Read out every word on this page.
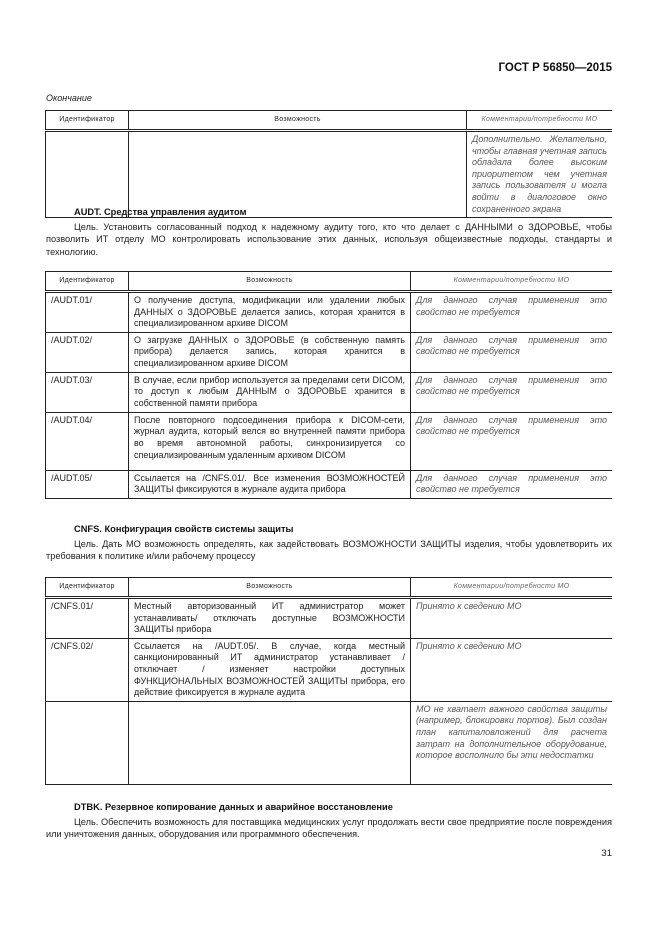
ГОСТ Р 56850—2015
Окончание
Идентификатор	Возможность	Комментарии/потребности МО
		Дополнительно. Желательно, чтобы главная учетная запись обладала более высоким приоритетом чем учетная запись пользователя и могла войти в диалоговое окно сохраненного экрана
AUDT. Средства управления аудитом
Цель. Установить согласованный подход к надежному аудиту того, кто что делает с ДАННЫМИ о ЗДОРОВЬЕ, чтобы позволить ИТ отделу МО контролировать использование этих данных, используя общеизвестные подходы, стандарты и технологию.
Идентификатор	Возможность	Комментарии/потребности МО
/AUDT.01/	О получение доступа, модификации или удалении любых ДАННЫХ о ЗДОРОВЬЕ делается запись, которая хранится в специализированном архиве DICOM	Для данного случая применения это свойство не требуется
/AUDT.02/	О загрузке ДАННЫХ о ЗДОРОВЬЕ (в собственную память прибора) делается запись, которая хранится в специализированном архиве DICOM	Для данного случая применения это свойство не требуется
/AUDT.03/	В случае, если прибор используется за пределами сети DICOM, то доступ к любым ДАННЫМ о ЗДОРОВЬЕ хранится в собственной памяти прибора	Для данного случая применения это свойство не требуется
/AUDT.04/	После повторного подсоединения прибора к DICOM-сети, журнал аудита, который велся во внутренней памяти прибора во время автономной работы, синхронизируется со специализированным удаленным архивом DICOM	Для данного случая применения это свойство не требуется
/AUDT.05/	Ссылается на /CNFS.01/. Все изменения ВОЗМОЖНОСТЕЙ ЗАЩИТЫ фиксируются в журнале аудита прибора	Для данного случая применения это свойство не требуется
CNFS. Конфигурация свойств системы защиты
Цель. Дать МО возможность определять, как задействовать ВОЗМОЖНОСТИ ЗАЩИТЫ изделия, чтобы удовлетворить их требования к политике и/или рабочему процессу
Идентификатор	Возможность	Комментарии/потребности МО
/CNFS.01/	Местный авторизованный ИТ администратор может устанавливать/ отключать доступные ВОЗМОЖНОСТИ ЗАЩИТЫ прибора	Принято к сведению МО
/CNFS.02/	Ссылается на /AUDT.05/. В случае, когда местный санкционированный ИТ администратор устанавливает / отключает / изменяет настройки доступных ФУНКЦИОНАЛЬНЫХ ВОЗМОЖНОСТЕЙ ЗАЩИТЫ прибора, его действие фиксируется в журнале аудита	Принято к сведению МО
		МО не хватает важного свойства защиты (например, блокировки портов). Был создан план капиталовложений для расчета затрат на дополнительное оборудование, которое восполнило бы эти недостатки
DTBK. Резервное копирование данных и аварийное восстановление
Цель. Обеспечить возможность для поставщика медицинских услуг продолжать вести свое предприятие после повреждения или уничтожения данных, оборудования или программного обеспечения.
31
